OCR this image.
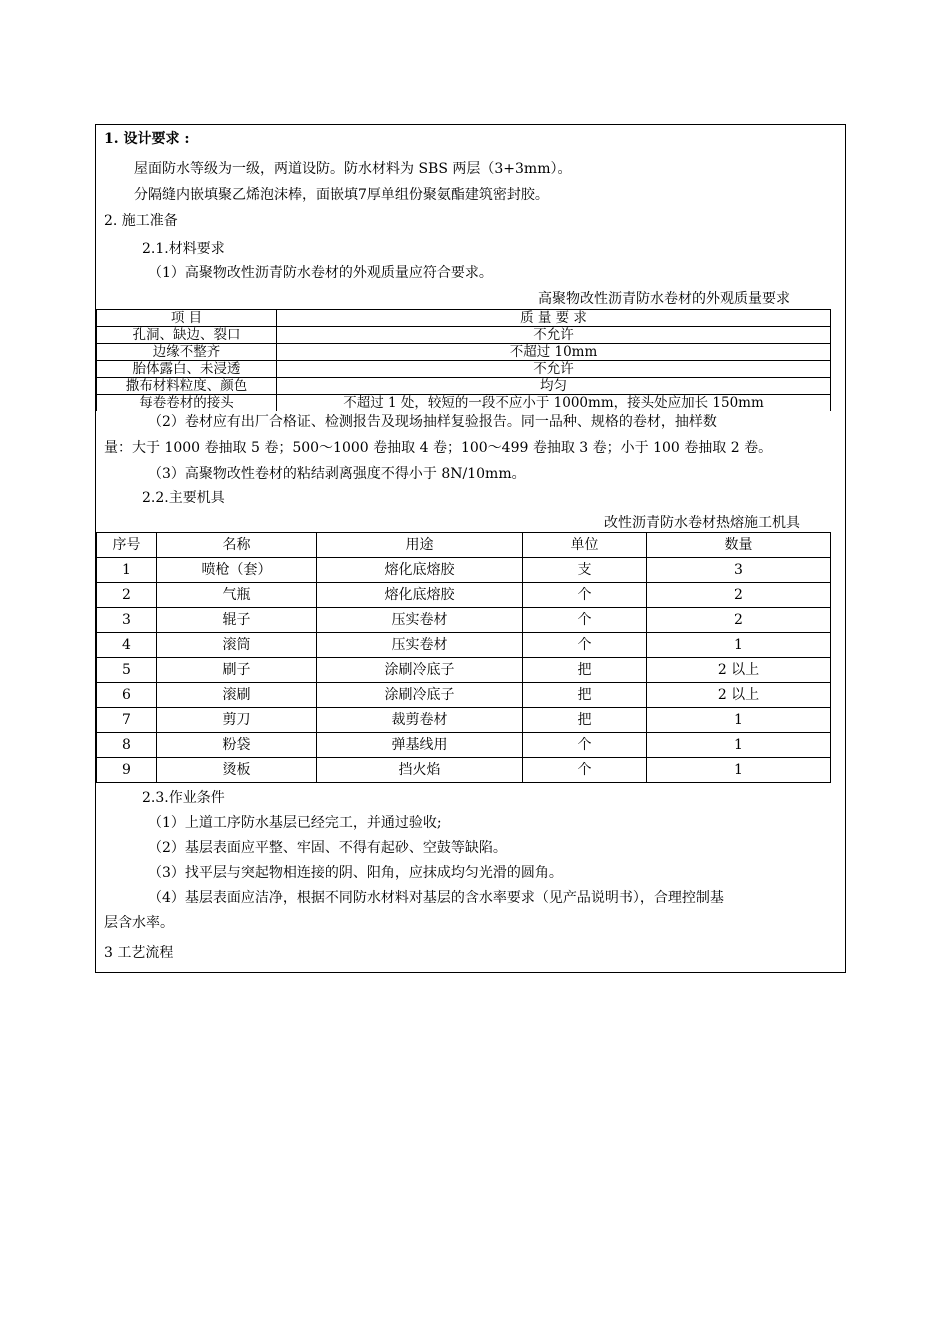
1. 设计要求 :
屋面防水等级为一级，两道设防。防水材料为 SBS 两层（3+3mm）。
分隔缝内嵌填聚乙烯泡沫棒，面嵌填7厚单组份聚氨酯建筑密封胶。
2. 施工准备
2.1.材料要求
（1）高聚物改性沥青防水卷材的外观质量应符合要求。
高聚物改性沥青防水卷材的外观质量要求
项 目	质 量 要 求
孔洞、缺边、裂口	不允许
边缘不整齐	不超过 10mm
胎体露白、未浸透	不允许
撒布材料粒度、颜色	均匀
每卷卷材的接头	不超过 1 处，较短的一段不应小于 1000mm，接头处应加长 150mm
（2）卷材应有出厂合格证、检测报告及现场抽样复验报告。同一品种、规格的卷材，抽样数
量：大于 1000 卷抽取 5 卷；500～1000 卷抽取 4 卷；100～499 卷抽取 3 卷；小于 100 卷抽取 2 卷。
（3）高聚物改性卷材的粘结剥离强度不得小于 8N/10mm。
2.2.主要机具
改性沥青防水卷材热熔施工机具
序号	名称	用途	单位	数量
1	喷枪（套）	熔化底熔胶	支	3
2	气瓶	熔化底熔胶	个	2
3	辊子	压实卷材	个	2
4	滚筒	压实卷材	个	1
5	刷子	涂刷冷底子	把	2 以上
6	滚刷	涂刷冷底子	把	2 以上
7	剪刀	裁剪卷材	把	1
8	粉袋	弹基线用	个	1
9	烫板	挡火焰	个	1
2.3.作业条件
（1）上道工序防水基层已经完工，并通过验收;
（2）基层表面应平整、牢固、不得有起砂、空鼓等缺陷。
（3）找平层与突起物相连接的阴、阳角，应抹成均匀光滑的圆角。
（4）基层表面应洁净，根据不同防水材料对基层的含水率要求（见产品说明书），合理控制基
层含水率。
3 工艺流程
